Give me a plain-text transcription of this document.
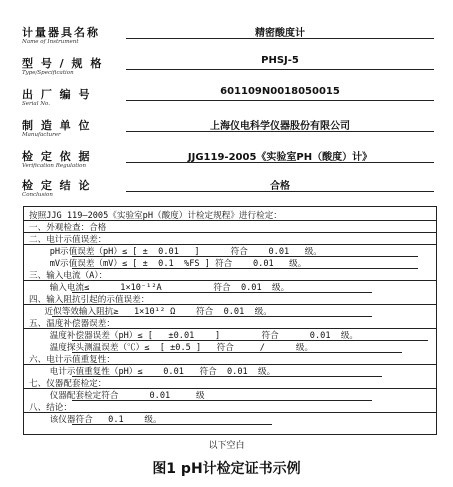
计量器具名称
Name of Instrument
精密酸度计
型 号 / 规 格
Type/Specification
PHSJ-5
出 厂 编 号
Serial No.
601109N0018050015
制 造 单 位
Manufacturer
上海仪电科学仪器股份有限公司
检 定 依 据
Verification Regulation
JJG119-2005《实验室PH（酸度）计》
检 定 结 论
Conclusion
合格
按照JJG 119—2005《实验室pH（酸度）计检定规程》进行检定：
一、外观检查：合格
二、电计示值误差：
pH示值误差（pH）≤ [ ±  0.01   ]      符合    0.01   级。
mV示值误差（mV）≤ [ ±  0.1  %FS ] 符合    0.01   级。
三、输入电流（A）：
输入电流≤      1×10⁻¹²A          符合  0.01  级。
四、输入阻抗引起的示值误差：
近似等效输入阻抗≥   1×10¹² Ω    符合  0.01  级。
五、温度补偿器误差：
温度补偿器误差（pH）≤ [   ±0.01    ]        符合      0.01  级。
温度探头测温误差（℃）≤  [ ±0.5 ]   符合     /      级。
六、电计示值重复性：
电计示值重复性（pH）≤    0.01   符合  0.01  级。
七、仪器配套检定：
仪器配套检定符合      0.01     级
八、结论：
该仪器符合   0.1    级。
以下空白
图1 pH计检定证书示例
